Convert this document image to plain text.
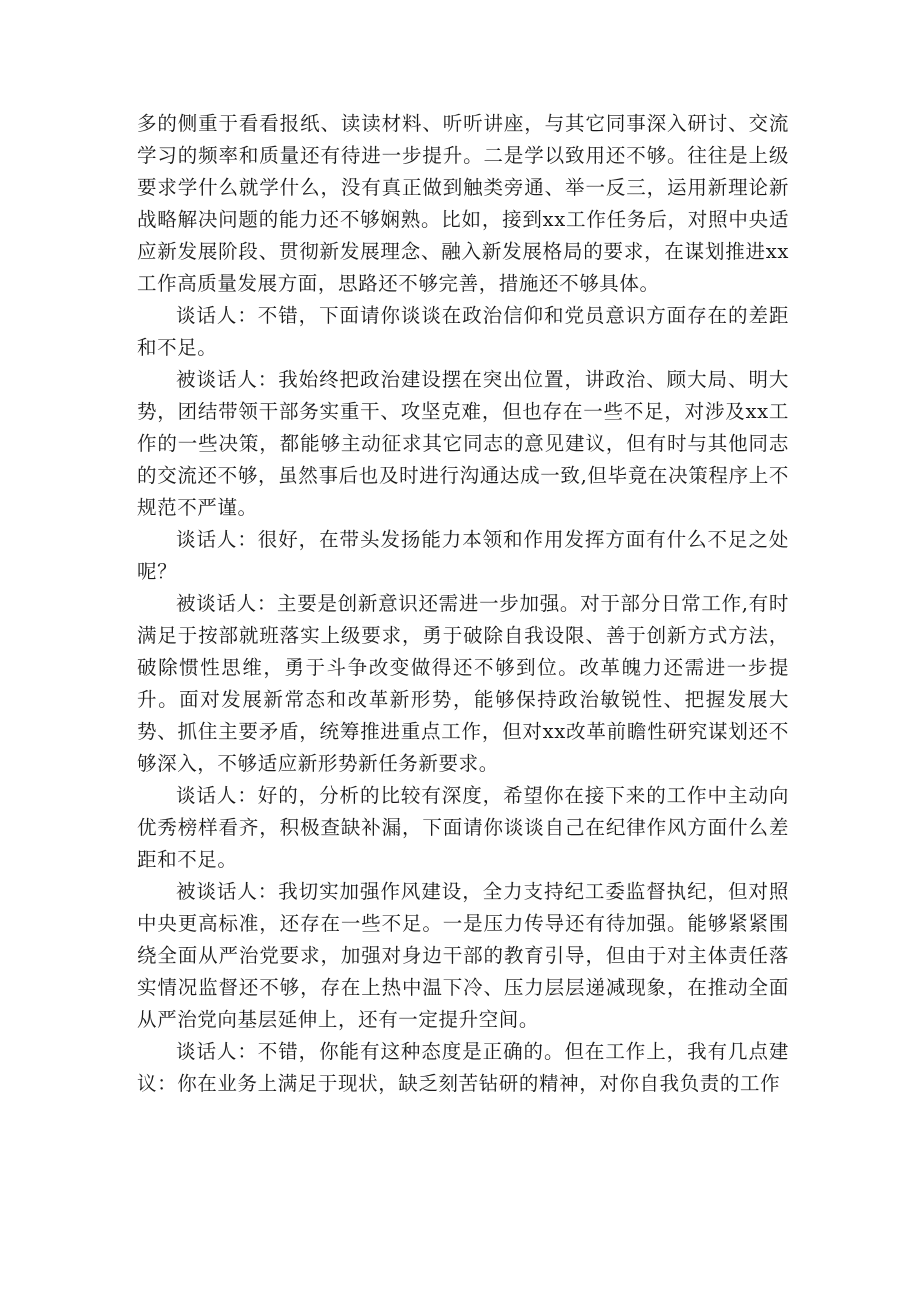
多的侧重于看看报纸、读读材料、听听讲座，与其它同事深入研讨、交流学习的频率和质量还有待进一步提升。二是学以致用还不够。往往是上级要求学什么就学什么，没有真正做到触类旁通、举一反三，运用新理论新战略解决问题的能力还不够娴熟。比如，接到xx工作任务后，对照中央适应新发展阶段、贯彻新发展理念、融入新发展格局的要求，在谋划推进xx工作高质量发展方面，思路还不够完善，措施还不够具体。

谈话人：不错，下面请你谈谈在政治信仰和党员意识方面存在的差距和不足。

被谈话人：我始终把政治建设摆在突出位置，讲政治、顾大局、明大势，团结带领干部务实重干、攻坚克难，但也存在一些不足，对涉及xx工作的一些决策，都能够主动征求其它同志的意见建议，但有时与其他同志的交流还不够，虽然事后也及时进行沟通达成一致,但毕竟在决策程序上不规范不严谨。

谈话人：很好，在带头发扬能力本领和作用发挥方面有什么不足之处呢？

被谈话人：主要是创新意识还需进一步加强。对于部分日常工作,有时满足于按部就班落实上级要求，勇于破除自我设限、善于创新方式方法，破除惯性思维，勇于斗争改变做得还不够到位。改革魄力还需进一步提升。面对发展新常态和改革新形势，能够保持政治敏锐性、把握发展大势、抓住主要矛盾，统筹推进重点工作，但对xx改革前瞻性研究谋划还不够深入，不够适应新形势新任务新要求。

谈话人：好的，分析的比较有深度，希望你在接下来的工作中主动向优秀榜样看齐，积极查缺补漏，下面请你谈谈自己在纪律作风方面什么差距和不足。

被谈话人：我切实加强作风建设，全力支持纪工委监督执纪，但对照中央更高标准，还存在一些不足。一是压力传导还有待加强。能够紧紧围绕全面从严治党要求，加强对身边干部的教育引导，但由于对主体责任落实情况监督还不够，存在上热中温下冷、压力层层递减现象，在推动全面从严治党向基层延伸上，还有一定提升空间。

谈话人：不错，你能有这种态度是正确的。但在工作上，我有几点建议：你在业务上满足于现状，缺乏刻苦钻研的精神，对你自我负责的工作
